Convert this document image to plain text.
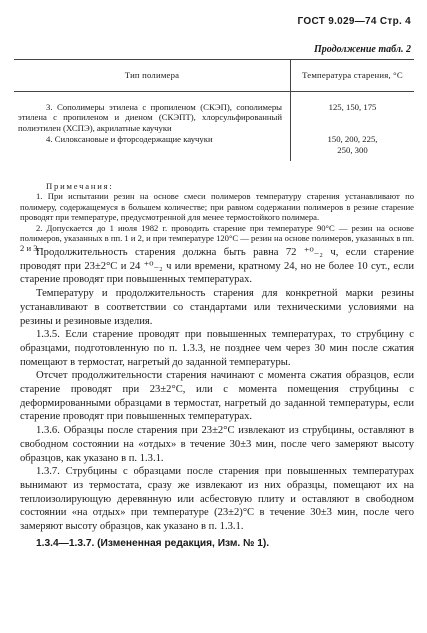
ГОСТ 9.029—74 Стр. 4
Продолжение табл. 2
Тип полимера	Температура старения, °С

3. Сополимеры этилена с пропиленом (СКЭП), сополимеры этилена с пропиленом и диеном (СКЭПТ), хлорсульфированный полиэтилен (ХСПЭ), акрилатные каучуки	125, 150, 175

4. Силоксановые и фторсодержащие каучуки	150, 200, 225, 250, 300
Примечания:

1. При испытании резин на основе смеси полимеров температуру старения устанавливают по полимеру, содержащемуся в большем количестве; при равном содержании полимеров в резине старение проводят при температуре, предусмотренной для менее термостойкого полимера.

2. Допускается до 1 июля 1982 г. проводить старение при температуре 90°С — резин на основе полимеров, указанных в пп. 1 и 2, и при температуре 120°С — резин на основе полимеров, указанных в пп. 2 и 3.

Продолжительность старения должна быть равна 72 ⁺⁰₋₂ ч, если старение проводят при 23±2°С и 24 ⁺⁰₋₂ ч или времени, кратному 24, но не более 10 сут., если старение проводят при повышенных температурах.

Температуру и продолжительность старения для конкретной марки резины устанавливают в соответствии со стандартами или техническими условиями на резины и резиновые изделия.

1.3.5. Если старение проводят при повышенных температурах, то струбцину с образцами, подготовленную по п. 1.3.3, не позднее чем через 30 мин после сжатия помещают в термостат, нагретый до заданной температуры.

Отсчет продолжительности старения начинают с момента сжатия образцов, если старение проводят при 23±2°С, или с момента помещения струбцины с деформированными образцами в термостат, нагретый до заданной температуры, если старение проводят при повышенных температурах.

1.3.6. Образцы после старения при 23±2°С извлекают из струбцины, оставляют в свободном состоянии на «отдых» в течение 30±3 мин, после чего замеряют высоту образцов, как указано в п. 1.3.1.

1.3.7. Струбцины с образцами после старения при повышенных температурах вынимают из термостата, сразу же извлекают из них образцы, помещают их на теплоизолирующую деревянную или асбестовую плиту и оставляют в свободном состоянии «на отдых» при температуре (23±2)°С в течение 30±3 мин, после чего замеряют высоту образцов, как указано в п. 1.3.1.

1.3.4—1.3.7. (Измененная редакция, Изм. № 1).
